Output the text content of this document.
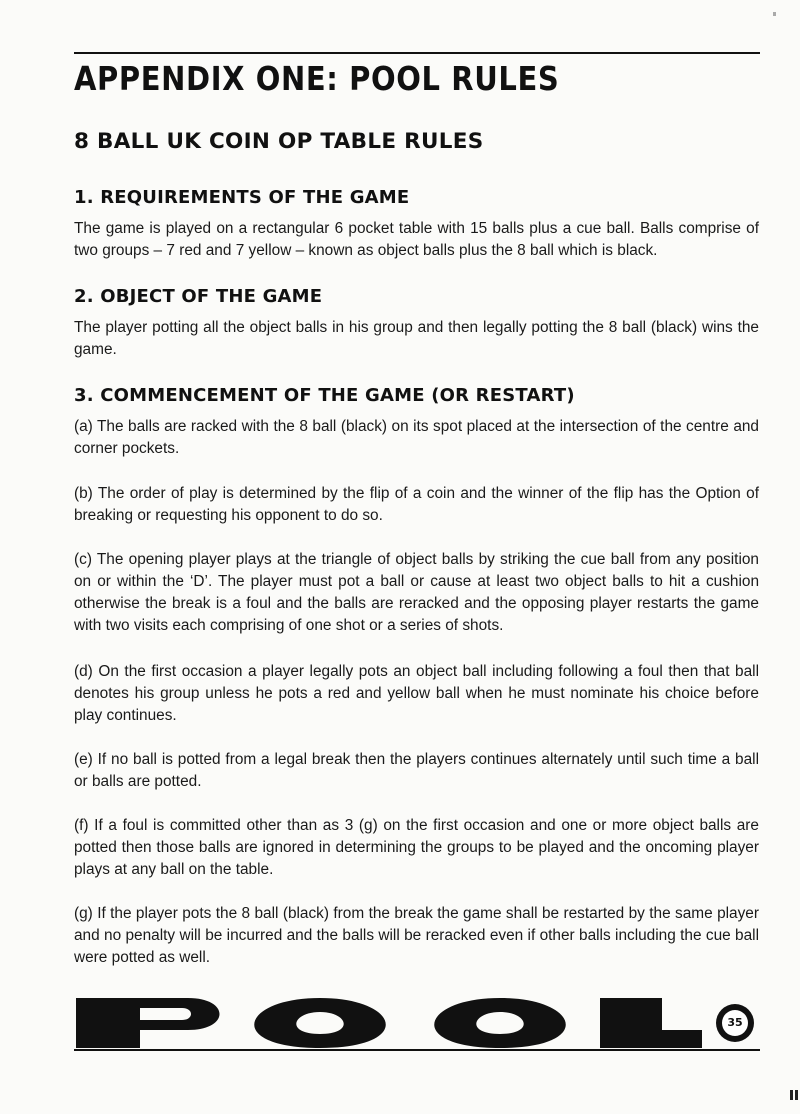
APPENDIX ONE: POOL RULES
8 BALL UK COIN OP TABLE RULES
1. REQUIREMENTS OF THE GAME

The game is played on a rectangular 6 pocket table with 15 balls plus a cue ball. Balls comprise of two groups – 7 red and 7 yellow – known as object balls plus the 8 ball which is black.

2. OBJECT OF THE GAME

The player potting all the object balls in his group and then legally potting the 8 ball (black) wins the game.

3. COMMENCEMENT OF THE GAME (OR RESTART)

(a) The balls are racked with the 8 ball (black) on its spot placed at the intersection of the centre and corner pockets.

(b) The order of play is determined by the flip of a coin and the winner of the flip has the Option of breaking or requesting his opponent to do so.

(c) The opening player plays at the triangle of object balls by striking the cue ball from any position on or within the ‘D’. The player must pot a ball or cause at least two object balls to hit a cushion otherwise the break is a foul and the balls are reracked and the opposing player restarts the game with two visits each comprising of one shot or a series of shots.

(d) On the first occasion a player legally pots an object ball including following a foul then that ball denotes his group unless he pots a red and yellow ball when he must nominate his choice before play continues.

(e) If no ball is potted from a legal break then the players continues alternately until such time a ball or balls are potted.

(f) If a foul is committed other than as 3 (g) on the first occasion and one or more object balls are potted then those balls are ignored in determining the groups to be played and the oncoming player plays at any ball on the table.

(g) If the player pots the 8 ball (black) from the break the game shall be restarted by the same player and no penalty will be incurred and the balls will be reracked even if other balls including the cue ball were potted as well.

35
